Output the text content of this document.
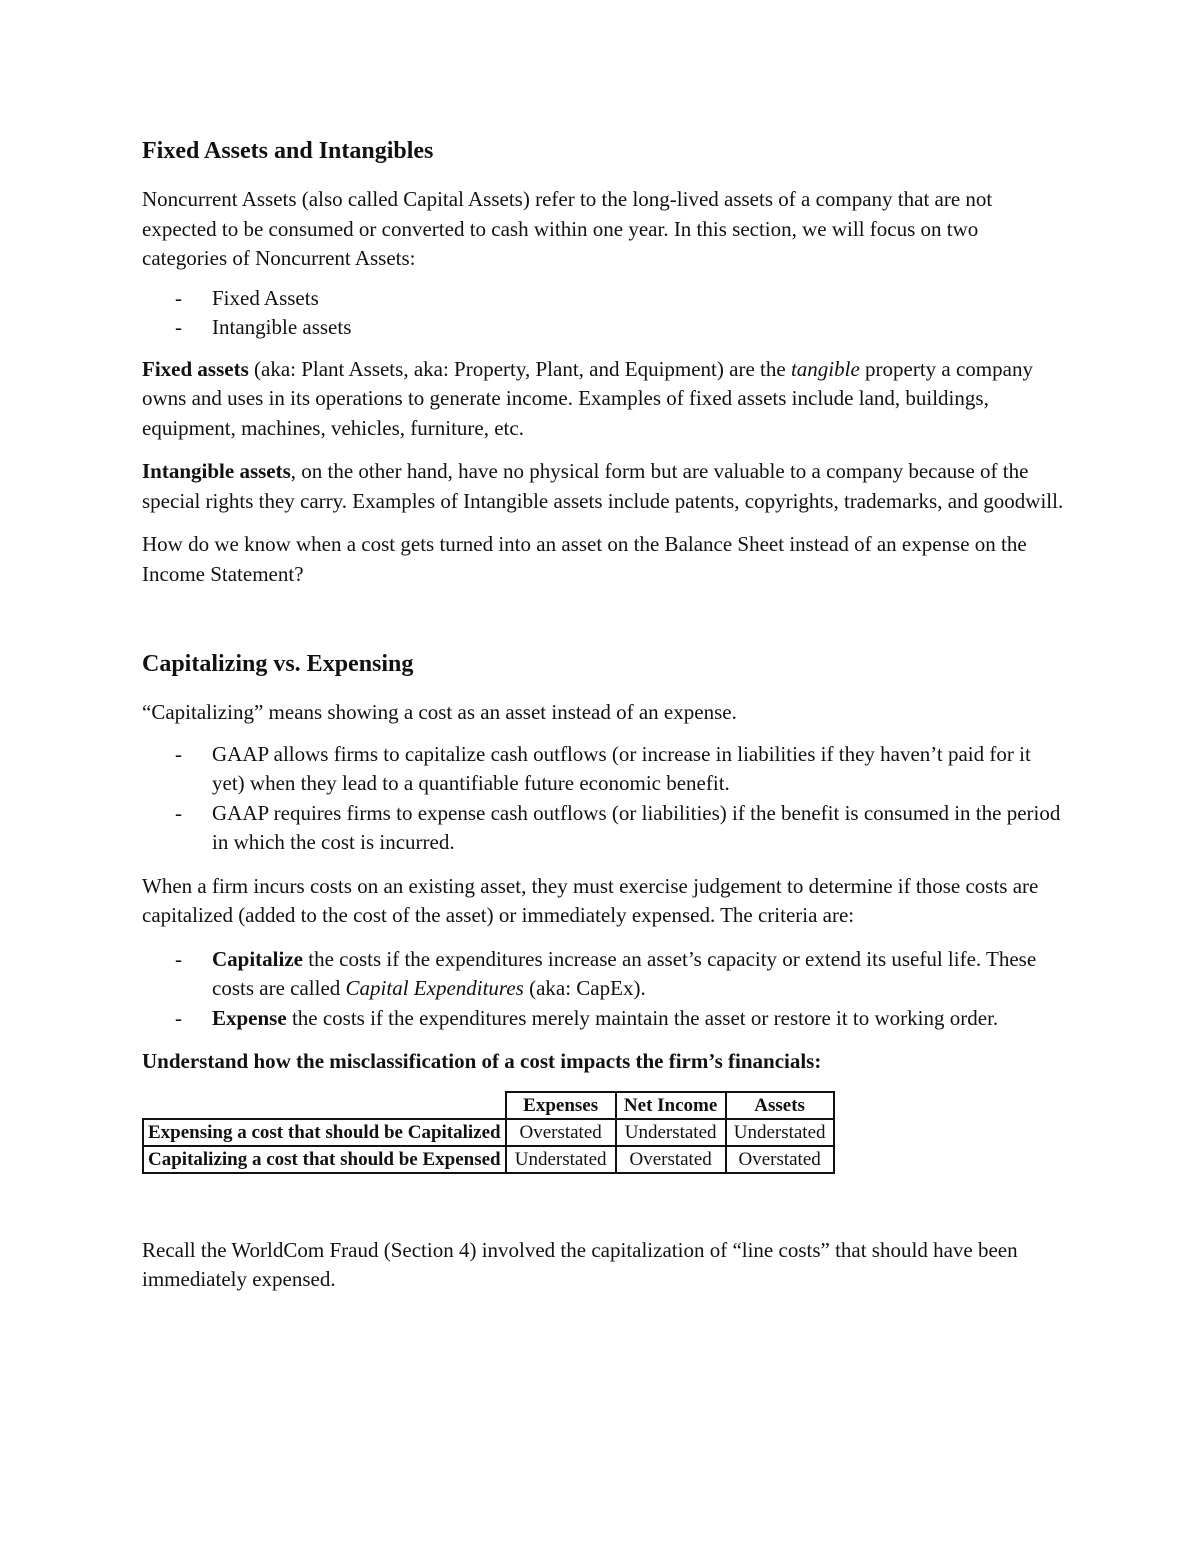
Fixed Assets and Intangibles

Noncurrent Assets (also called Capital Assets) refer to the long-lived assets of a company that are not expected to be consumed or converted to cash within one year. In this section, we will focus on two categories of Noncurrent Assets:

- Fixed Assets
- Intangible assets

Fixed assets (aka: Plant Assets, aka: Property, Plant, and Equipment) are the tangible property a company owns and uses in its operations to generate income. Examples of fixed assets include land, buildings, equipment, machines, vehicles, furniture, etc.

Intangible assets, on the other hand, have no physical form but are valuable to a company because of the special rights they carry. Examples of Intangible assets include patents, copyrights, trademarks, and goodwill.

How do we know when a cost gets turned into an asset on the Balance Sheet instead of an expense on the Income Statement?

Capitalizing vs. Expensing

“Capitalizing” means showing a cost as an asset instead of an expense.

- GAAP allows firms to capitalize cash outflows (or increase in liabilities if they haven’t paid for it yet) when they lead to a quantifiable future economic benefit.
- GAAP requires firms to expense cash outflows (or liabilities) if the benefit is consumed in the period in which the cost is incurred.

When a firm incurs costs on an existing asset, they must exercise judgement to determine if those costs are capitalized (added to the cost of the asset) or immediately expensed. The criteria are:

- Capitalize the costs if the expenditures increase an asset’s capacity or extend its useful life. These costs are called Capital Expenditures (aka: CapEx).
- Expense the costs if the expenditures merely maintain the asset or restore it to working order.

Understand how the misclassification of a cost impacts the firm’s financials:

	Expenses	Net Income	Assets
Expensing a cost that should be Capitalized	Overstated	Understated	Understated
Capitalizing a cost that should be Expensed	Understated	Overstated	Overstated

Recall the WorldCom Fraud (Section 4) involved the capitalization of “line costs” that should have been immediately expensed.
